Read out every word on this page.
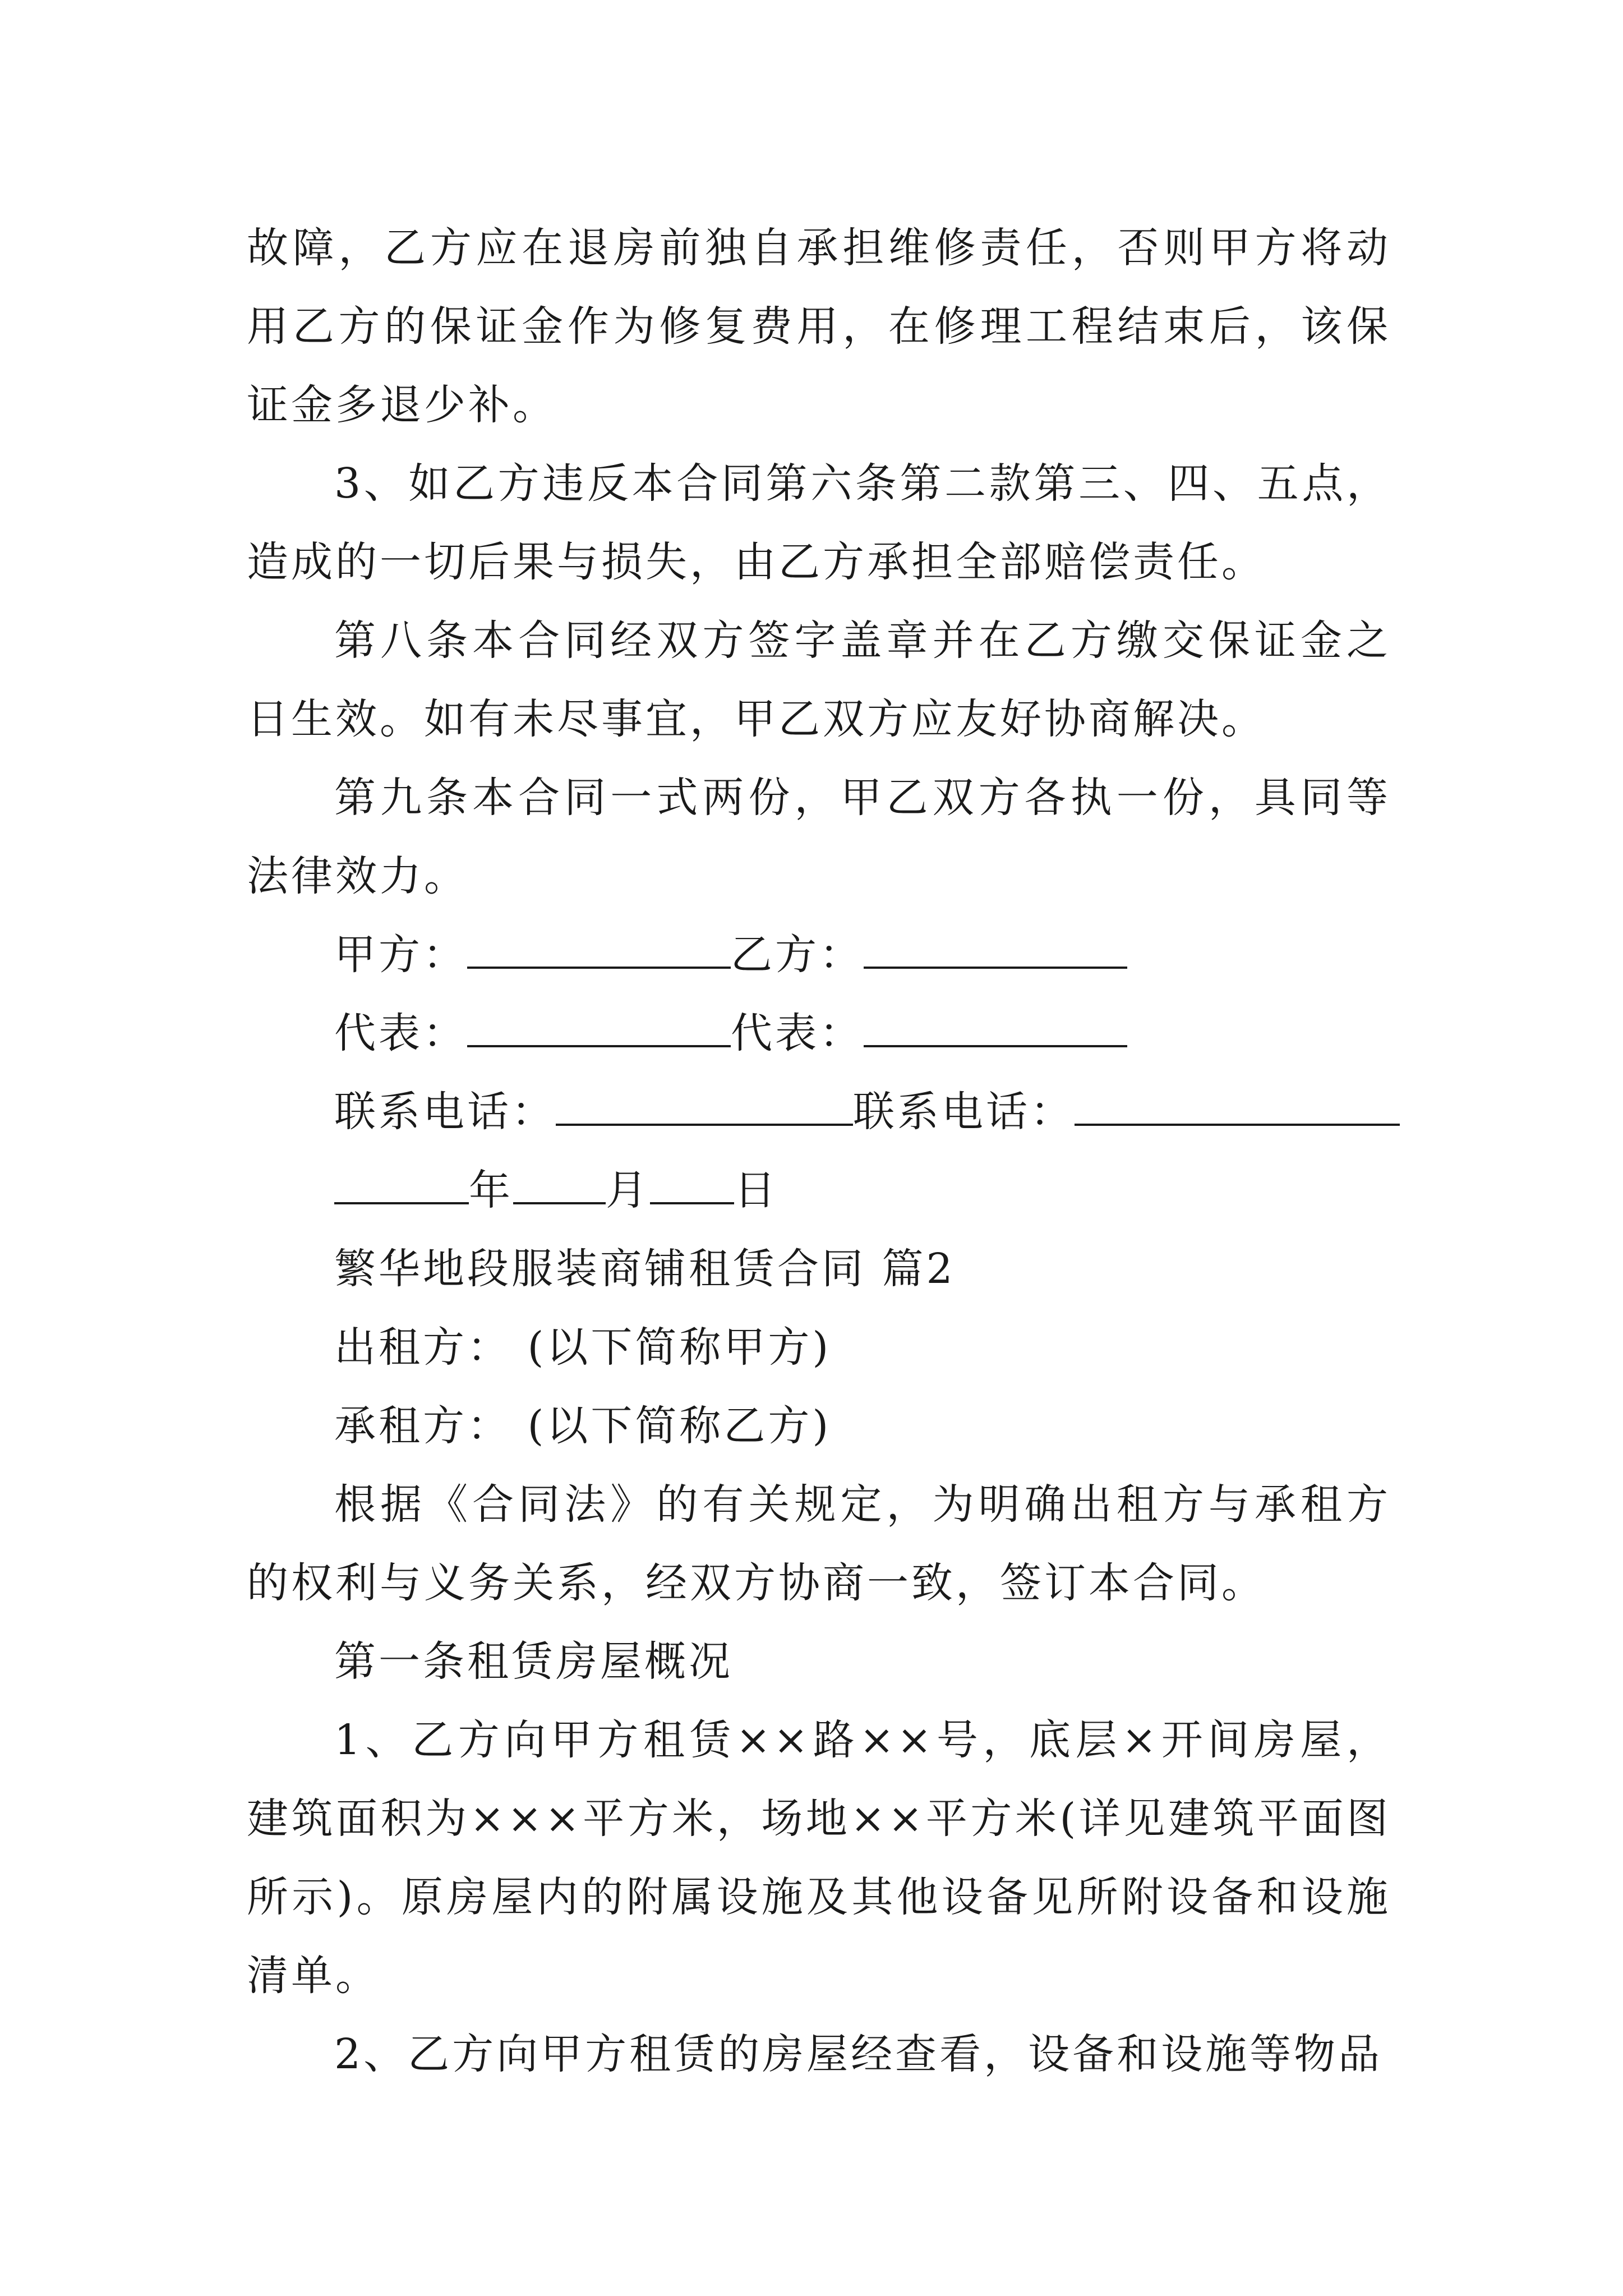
故障，乙方应在退房前独自承担维修责任，否则甲方将动用乙方的保证金作为修复费用，在修理工程结束后，该保证金多退少补。

3、如乙方违反本合同第六条第二款第三、四、五点，造成的一切后果与损失，由乙方承担全部赔偿责任。

第八条本合同经双方签字盖章并在乙方缴交保证金之日生效。如有未尽事宜，甲乙双方应友好协商解决。

第九条本合同一式两份，甲乙双方各执一份，具同等法律效力。

甲方：	乙方：
代表：	代表：
联系电话：	联系电话：
年 月 日

繁华地段服装商铺租赁合同 篇2

出租方： (以下简称甲方)

承租方： (以下简称乙方)

根据《合同法》的有关规定，为明确出租方与承租方的权利与义务关系，经双方协商一致，签订本合同。

第一条租赁房屋概况

1、乙方向甲方租赁××路××号，底层×开间房屋，建筑面积为×××平方米，场地××平方米(详见建筑平面图所示)。原房屋内的附属设施及其他设备见所附设备和设施清单。

2、乙方向甲方租赁的房屋经查看，设备和设施等物品
